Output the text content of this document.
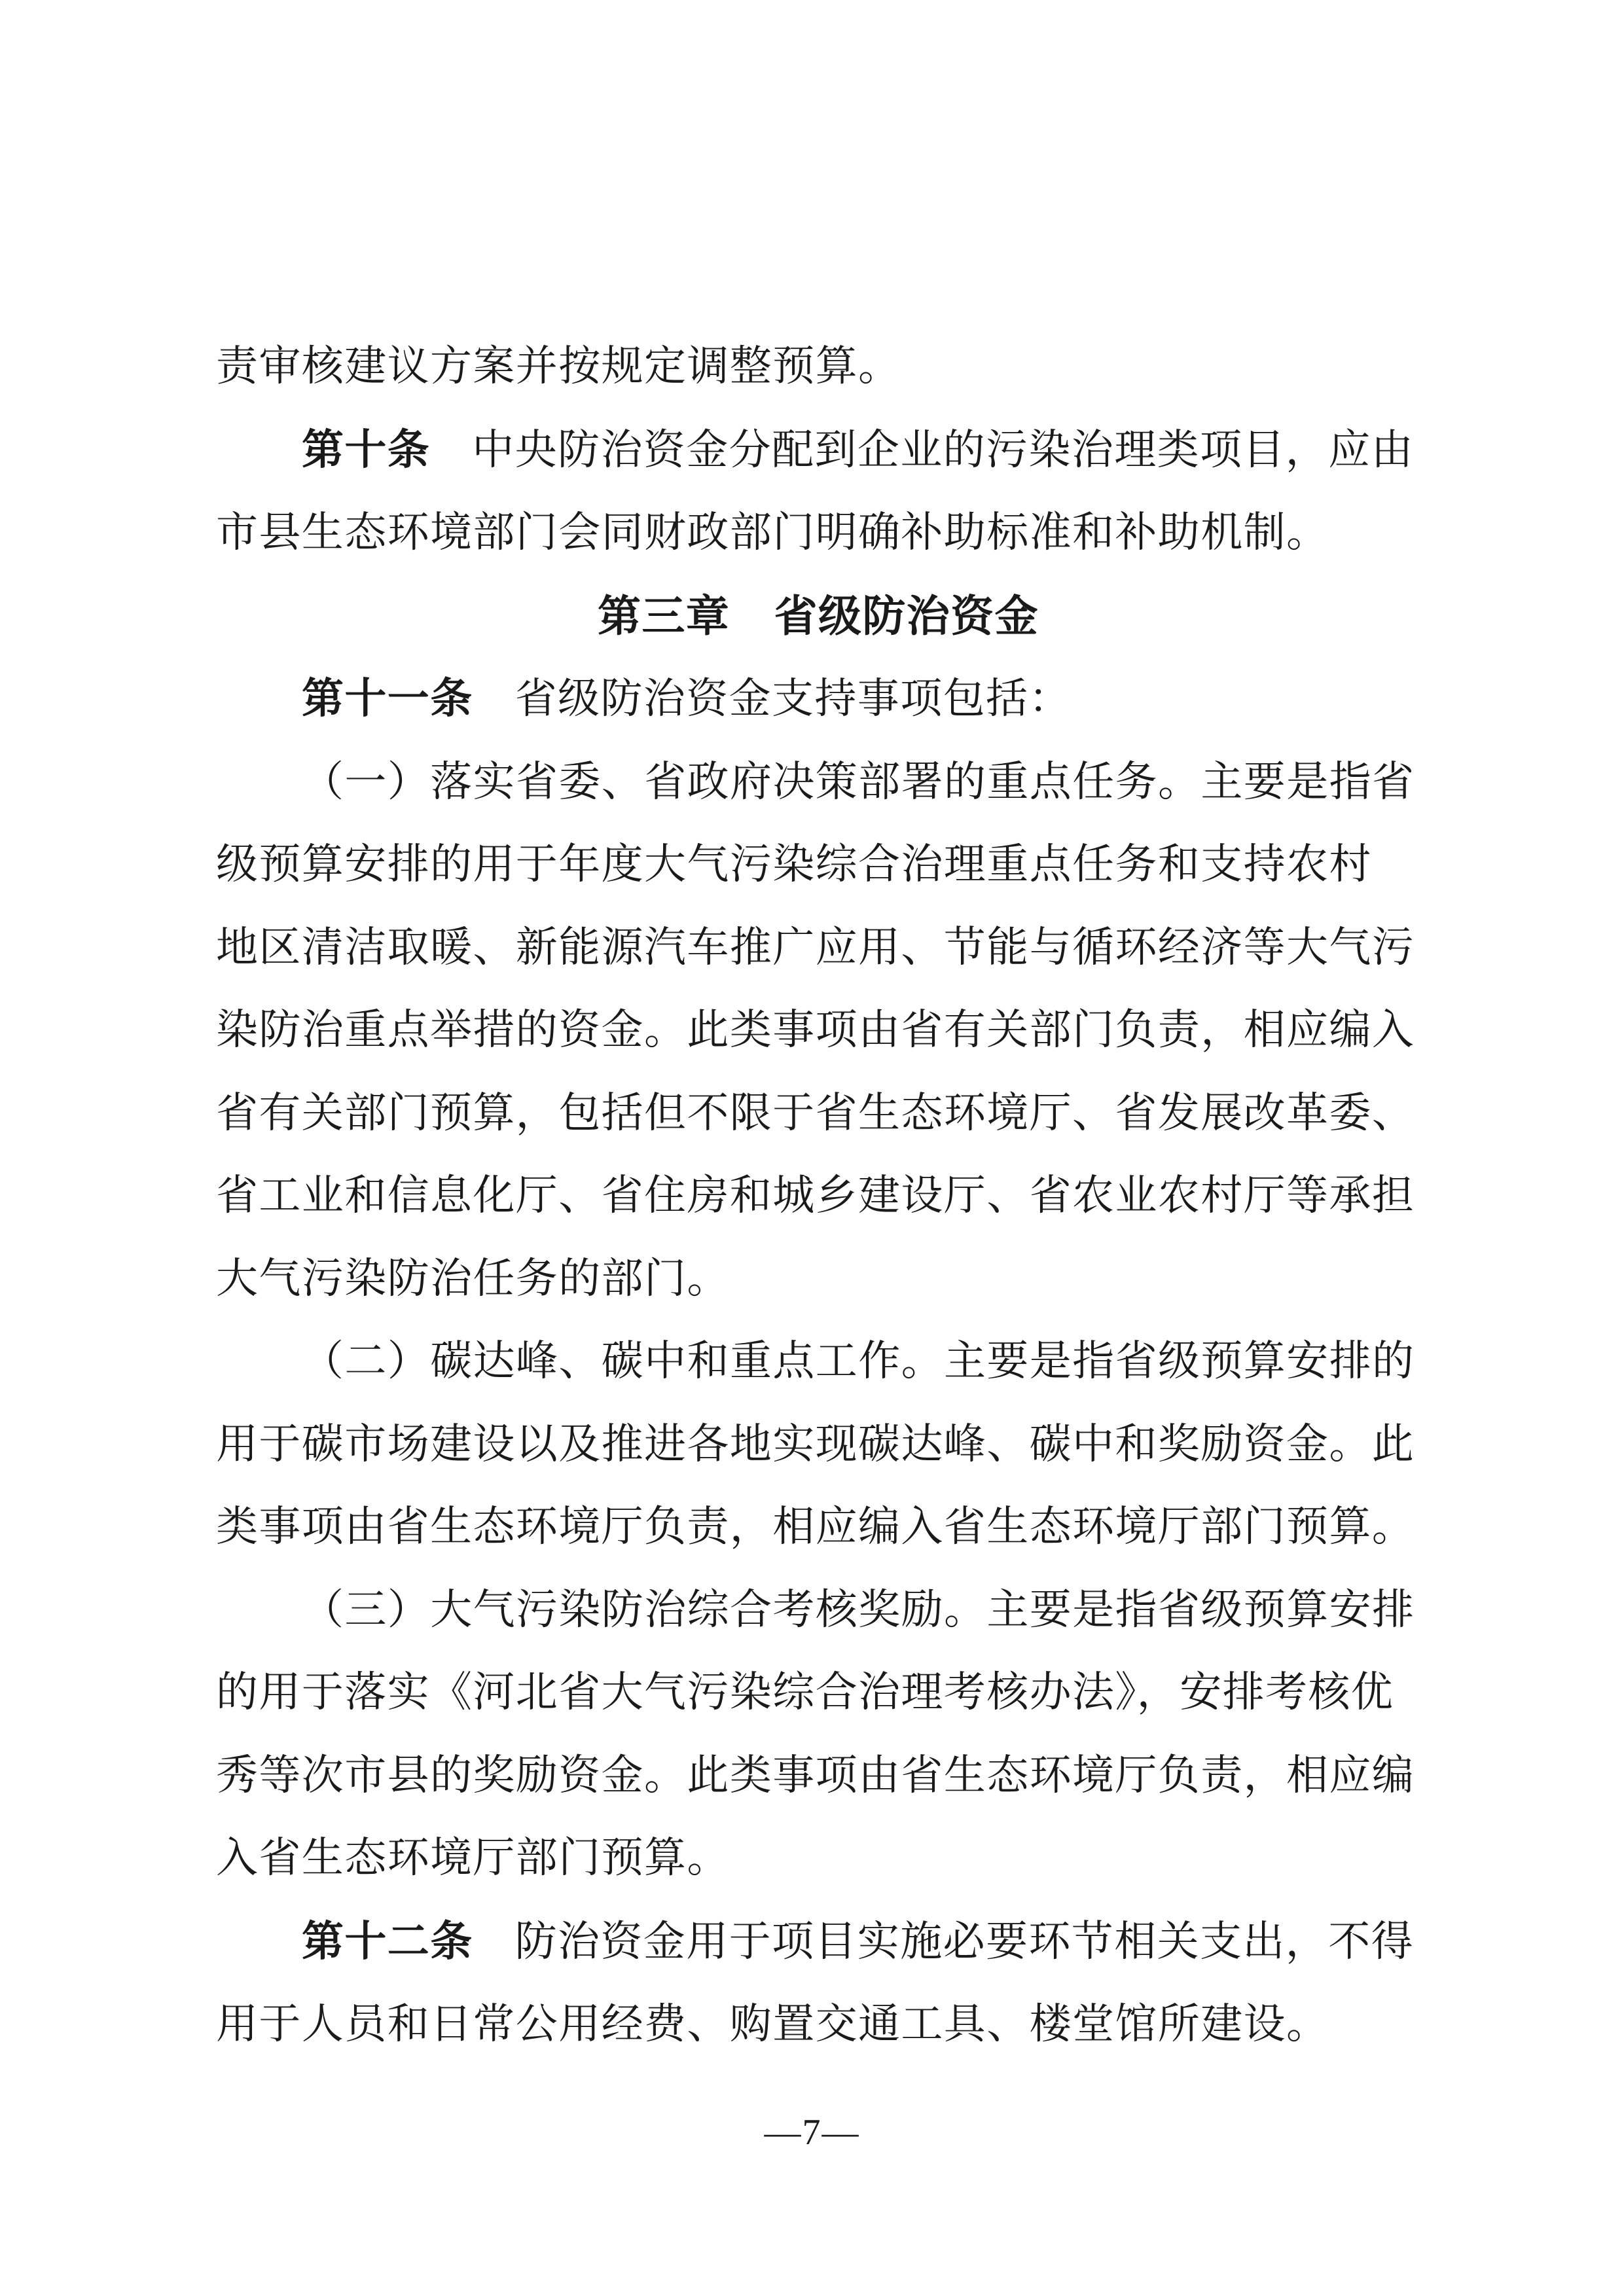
责审核建议方案并按规定调整预算。
第十条 中央防治资金分配到企业的污染治理类项目，应由
市县生态环境部门会同财政部门明确补助标准和补助机制。
第三章　省级防治资金
第十一条 省级防治资金支持事项包括：
（一）落实省委、省政府决策部署的重点任务。主要是指省
级预算安排的用于年度大气污染综合治理重点任务和支持农村
地区清洁取暖、新能源汽车推广应用、节能与循环经济等大气污
染防治重点举措的资金。此类事项由省有关部门负责，相应编入
省有关部门预算，包括但不限于省生态环境厅、省发展改革委、
省工业和信息化厅、省住房和城乡建设厅、省农业农村厅等承担
大气污染防治任务的部门。
（二）碳达峰、碳中和重点工作。主要是指省级预算安排的
用于碳市场建设以及推进各地实现碳达峰、碳中和奖励资金。此
类事项由省生态环境厅负责，相应编入省生态环境厅部门预算。
（三）大气污染防治综合考核奖励。主要是指省级预算安排
的用于落实《河北省大气污染综合治理考核办法》，安排考核优
秀等次市县的奖励资金。此类事项由省生态环境厅负责，相应编
入省生态环境厅部门预算。
第十二条 防治资金用于项目实施必要环节相关支出，不得
用于人员和日常公用经费、购置交通工具、楼堂馆所建设。
—7—
